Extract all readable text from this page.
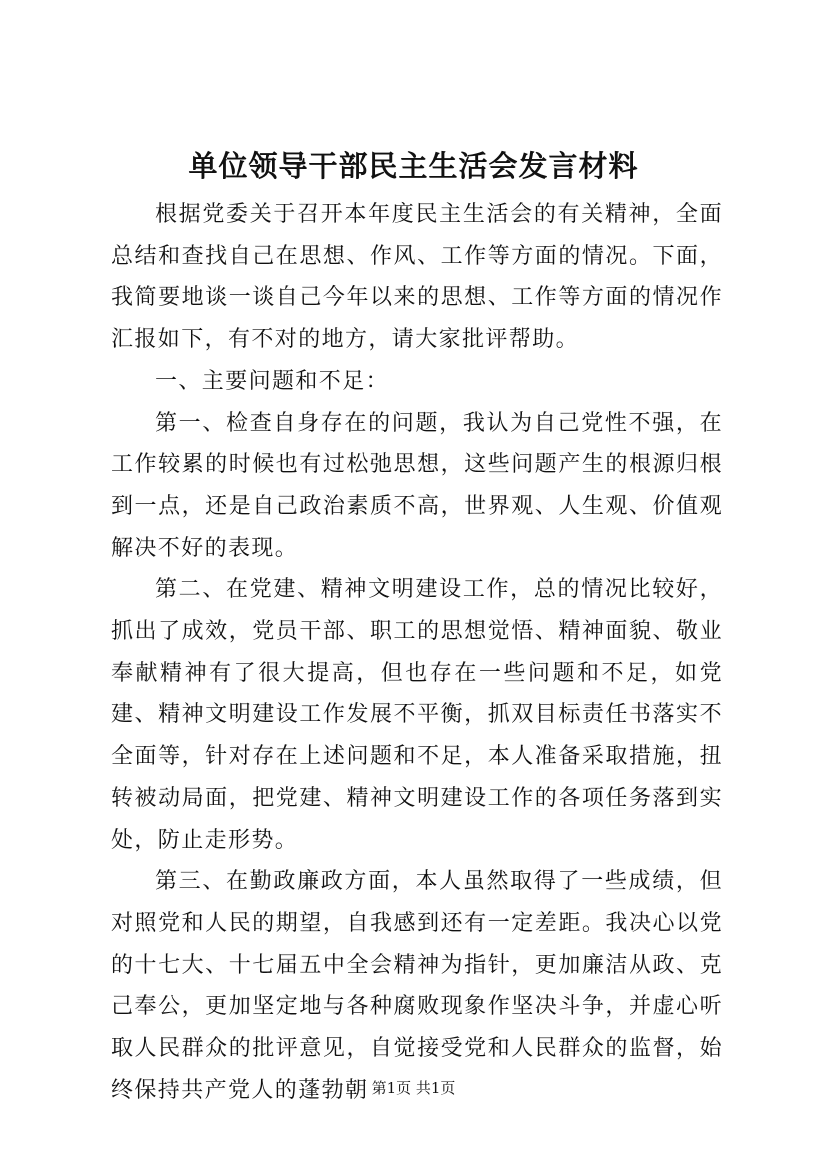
单位领导干部民主生活会发言材料

根据党委关于召开本年度民主生活会的有关精神，全面总结和查找自己在思想、作风、工作等方面的情况。下面，我简要地谈一谈自己今年以来的思想、工作等方面的情况作汇报如下，有不对的地方，请大家批评帮助。

一、主要问题和不足：

第一、检查自身存在的问题，我认为自己党性不强，在工作较累的时候也有过松弛思想，这些问题产生的根源归根到一点，还是自己政治素质不高，世界观、人生观、价值观解决不好的表现。

第二、在党建、精神文明建设工作，总的情况比较好，抓出了成效，党员干部、职工的思想觉悟、精神面貌、敬业奉献精神有了很大提高，但也存在一些问题和不足，如党建、精神文明建设工作发展不平衡，抓双目标责任书落实不全面等，针对存在上述问题和不足，本人准备采取措施，扭转被动局面，把党建、精神文明建设工作的各项任务落到实处，防止走形势。

第三、在勤政廉政方面，本人虽然取得了一些成绩，但对照党和人民的期望，自我感到还有一定差距。我决心以党的十七大、十七届五中全会精神为指针，更加廉洁从政、克己奉公，更加坚定地与各种腐败现象作坚决斗争，并虚心听取人民群众的批评意见，自觉接受党和人民群众的监督，始终保持共产党人的蓬勃朝 第1页 共1页
